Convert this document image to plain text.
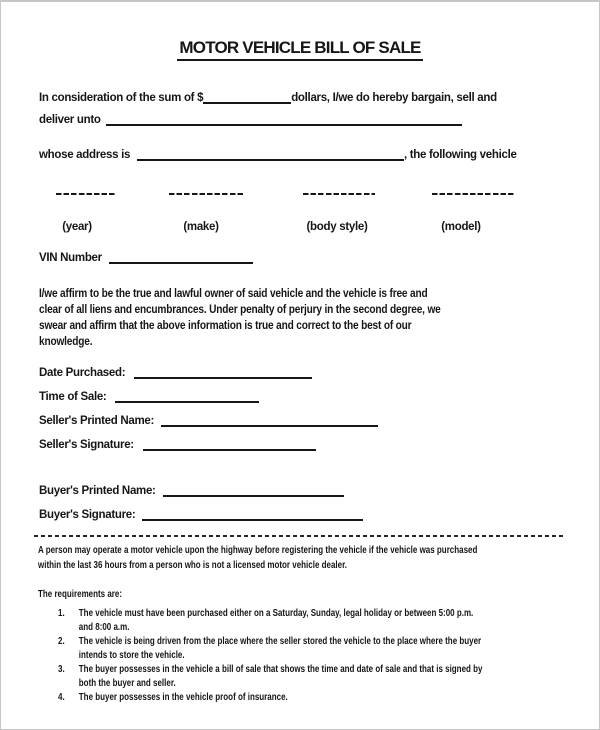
MOTOR VEHICLE BILL OF SALE
In consideration of the sum of $	dollars, I/we do hereby bargain, sell and
deliver unto
whose address is	, the following vehicle
(year)	(make)	(body style)	(model)
VIN Number
I/we affirm to be the true and lawful owner of said vehicle and the vehicle is free and
clear of all liens and encumbrances. Under penalty of perjury in the second degree, we
swear and affirm that the above information is true and correct to the best of our
knowledge.
Date Purchased:
Time of Sale:
Seller's Printed Name:
Seller's Signature:
Buyer's Printed Name:
Buyer's Signature:
A person may operate a motor vehicle upon the highway before registering the vehicle if the vehicle was purchased
within the last 36 hours from a person who is not a licensed motor vehicle dealer.
The requirements are:
1. The vehicle must have been purchased either on a Saturday, Sunday, legal holiday or between 5:00 p.m.
and 8:00 a.m.
2. The vehicle is being driven from the place where the seller stored the vehicle to the place where the buyer
intends to store the vehicle.
3. The buyer possesses in the vehicle a bill of sale that shows the time and date of sale and that is signed by
both the buyer and seller.
4. The buyer possesses in the vehicle proof of insurance.
